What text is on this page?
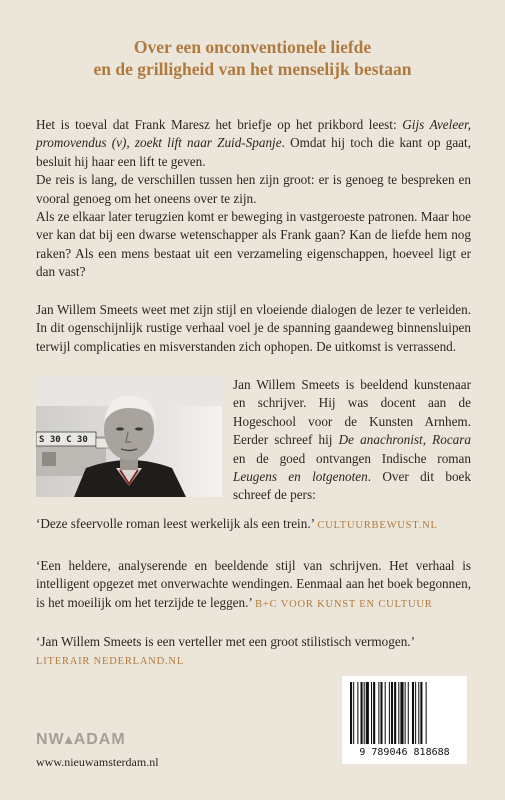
Over een onconventionele liefde
en de grilligheid van het menselijk bestaan

Het is toeval dat Frank Maresz het briefje op het prikbord leest: Gijs Aveleer, promovendus (v), zoekt lift naar Zuid-Spanje. Omdat hij toch die kant op gaat, besluit hij haar een lift te geven.

De reis is lang, de verschillen tussen hen zijn groot: er is genoeg te bespreken en vooral genoeg om het oneens over te zijn.

Als ze elkaar later terugzien komt er beweging in vastgeroeste patronen. Maar hoe ver kan dat bij een dwarse wetenschapper als Frank gaan? Kan de liefde hem nog raken? Als een mens bestaat uit een verzameling eigenschappen, hoeveel ligt er dan vast?

Jan Willem Smeets weet met zijn stijl en vloeiende dialogen de lezer te verleiden. In dit ogenschijnlijk rustige verhaal voel je de spanning gaandeweg binnensluipen terwijl complicaties en misverstanden zich ophopen. De uitkomst is verrassend.

S 30 C 30

Jan Willem Smeets is beeldend kunstenaar en schrijver. Hij was docent aan de Hogeschool voor de Kunsten Arnhem. Eerder schreef hij De anachronist, Rocara en de goed ontvangen Indische roman Leugens en lotgenoten. Over dit boek schreef de pers:

‘Deze sfeervolle roman leest werkelijk als een trein.’ CULTUURBEWUST.NL

‘Een heldere, analyserende en beeldende stijl van schrijven. Het verhaal is intelligent opgezet met onverwachte wendingen. Eenmaal aan het boek begonnen, is het moeilijk om het terzijde te leggen.’ B+C VOOR KUNST EN CULTUUR

‘Jan Willem Smeets is een verteller met een groot stilistisch vermogen.’
LITERAIR NEDERLAND.NL

NW▴ADAM
www.nieuwamsterdam.nl
9 789046 818688
